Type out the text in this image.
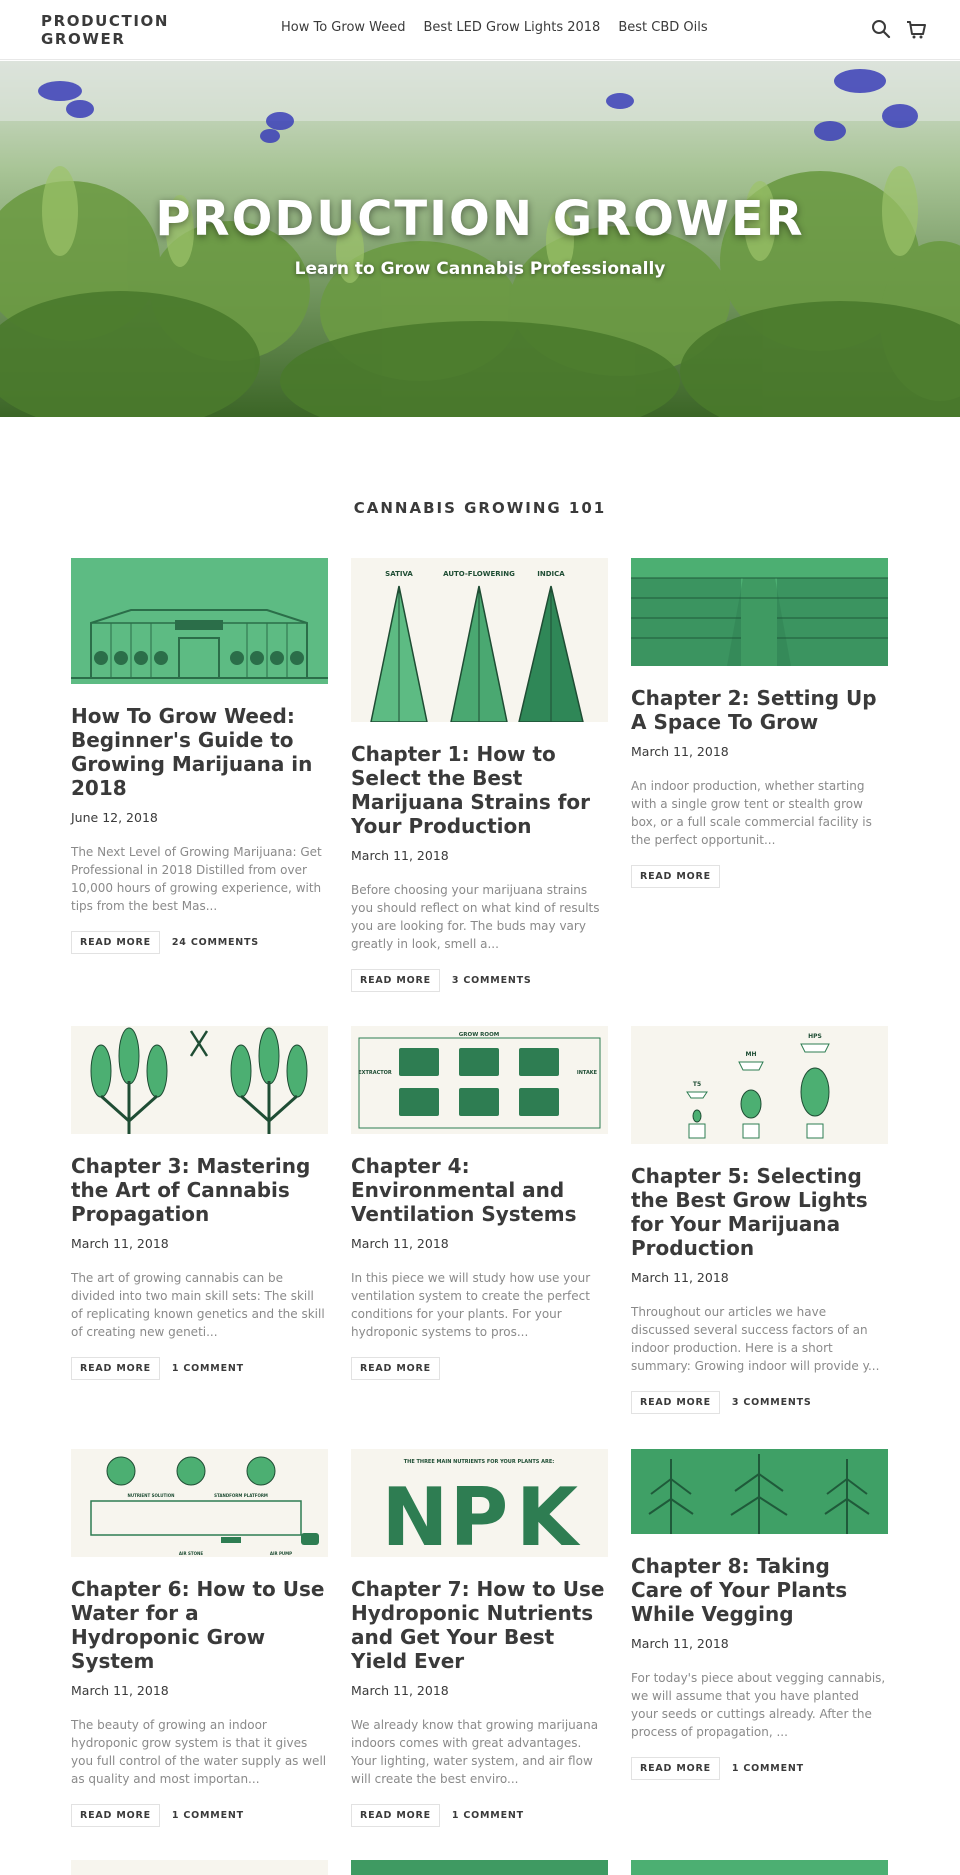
PRODUCTION
GROWER
How To Grow Weed Best LED Grow Lights 2018 Best CBD Oils
PRODUCTION GROWER
Learn to Grow Cannabis Professionally
CANNABIS GROWING 101
How To Grow Weed: Beginner's Guide to Growing Marijuana in 2018
June 12, 2018
The Next Level of Growing Marijuana: Get Professional in 2018 Distilled from over 10,000 hours of growing experience, with tips from the best Mas...
READ MORE	24 COMMENTS
SATIVA	AUTO-FLOWERING	INDICA
Chapter 1: How to Select the Best Marijuana Strains for Your Production
March 11, 2018
Before choosing your marijuana strains you should reflect on what kind of results you are looking for. The buds may vary greatly in look, smell a...
READ MORE	3 COMMENTS
Chapter 2: Setting Up A Space To Grow
March 11, 2018
An indoor production, whether starting with a single grow tent or stealth grow box, or a full scale commercial facility is the perfect opportunit...
READ MORE
Chapter 3: Mastering the Art of Cannabis Propagation
March 11, 2018
The art of growing cannabis can be divided into two main skill sets: The skill of replicating known genetics and the skill of creating new geneti...
READ MORE	1 COMMENT
GROW ROOM
EXTRACTOR	INTAKE
Chapter 4: Environmental and Ventilation Systems
March 11, 2018
In this piece we will study how use your ventilation system to create the perfect conditions for your plants. For your hydroponic systems to pros...
READ MORE
T5
MH
HPS
Chapter 5: Selecting the Best Grow Lights for Your Marijuana Production
March 11, 2018
Throughout our articles we have discussed several success factors of an indoor production. Here is a short summary: Growing indoor will provide y...
READ MORE	3 COMMENTS
NUTRIENT SOLUTION	STANDFORM PLATFORM
AIR STONE	AIR PUMP
Chapter 6: How to Use Water for a Hydroponic Grow System
March 11, 2018
The beauty of growing an indoor hydroponic grow system is that it gives you full control of the water supply as well as quality and most importan...
READ MORE	1 COMMENT
THE THREE MAIN NUTRIENTS FOR YOUR PLANTS ARE:
N P K
Chapter 7: How to Use Hydroponic Nutrients and Get Your Best Yield Ever
March 11, 2018
We already know that growing marijuana indoors comes with great advantages. Your lighting, water system, and air flow will create the best enviro...
READ MORE	1 COMMENT
Chapter 8: Taking Care of Your Plants While Vegging
March 11, 2018
For today's piece about vegging cannabis, we will assume that you have planted your seeds or cuttings already. After the process of propagation, ...
READ MORE	1 COMMENT
